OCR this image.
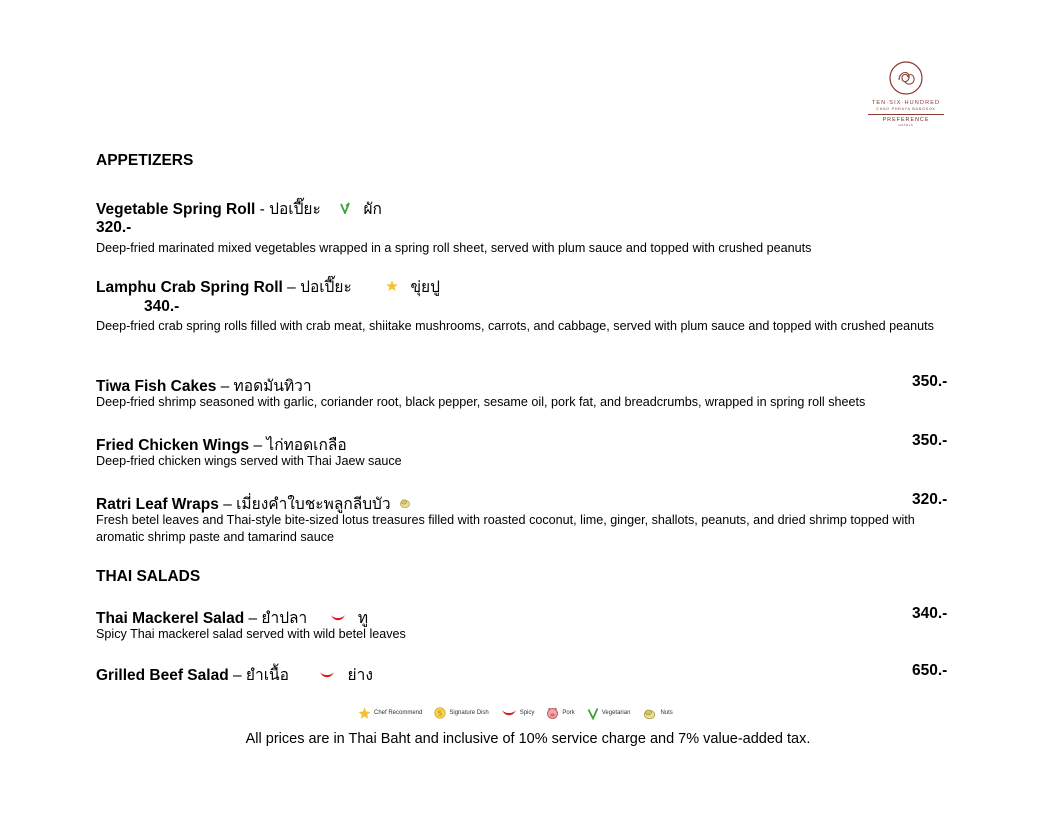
TEN·SIX·HUNDRED
CHAO PHRAYA BANGKOK
PREFERENCE
HOTELS
APPETIZERS
Vegetable Spring Roll - ปอเปี๊ยะ	ผัก
320.-
Deep-fried marinated mixed vegetables wrapped in a spring roll sheet, served with plum sauce and topped with crushed peanuts
Lamphu Crab Spring Roll – ปอเปี๊ยะ	ขุ่ยปู
340.-
Deep-fried crab spring rolls filled with crab meat, shiitake mushrooms, carrots, and cabbage, served with plum sauce and topped with crushed peanuts
Tiwa Fish Cakes – ทอดมันทิวา	350.-
Deep-fried shrimp seasoned with garlic, coriander root, black pepper, sesame oil, pork fat, and breadcrumbs, wrapped in spring roll sheets
Fried Chicken Wings – ไก่ทอดเกลือ	350.-
Deep-fried chicken wings served with Thai Jaew sauce
Ratri Leaf Wraps – เมี่ยงคำใบชะพลูกลีบบัว	320.-
Fresh betel leaves and Thai-style bite-sized lotus treasures filled with roasted coconut, lime, ginger, shallots, peanuts, and dried shrimp topped with aromatic shrimp paste and tamarind sauce
THAI SALADS
Thai Mackerel Salad – ยำปลา	ทู	340.-
Spicy Thai mackerel salad served with wild betel leaves
Grilled Beef Salad – ยำเนื้อ	ย่าง	650.-
Chef Recommend S Signature Dish	Spicy	Pork	Vegetarian	Nuts
All prices are in Thai Baht and inclusive of 10% service charge and 7% value-added tax.
